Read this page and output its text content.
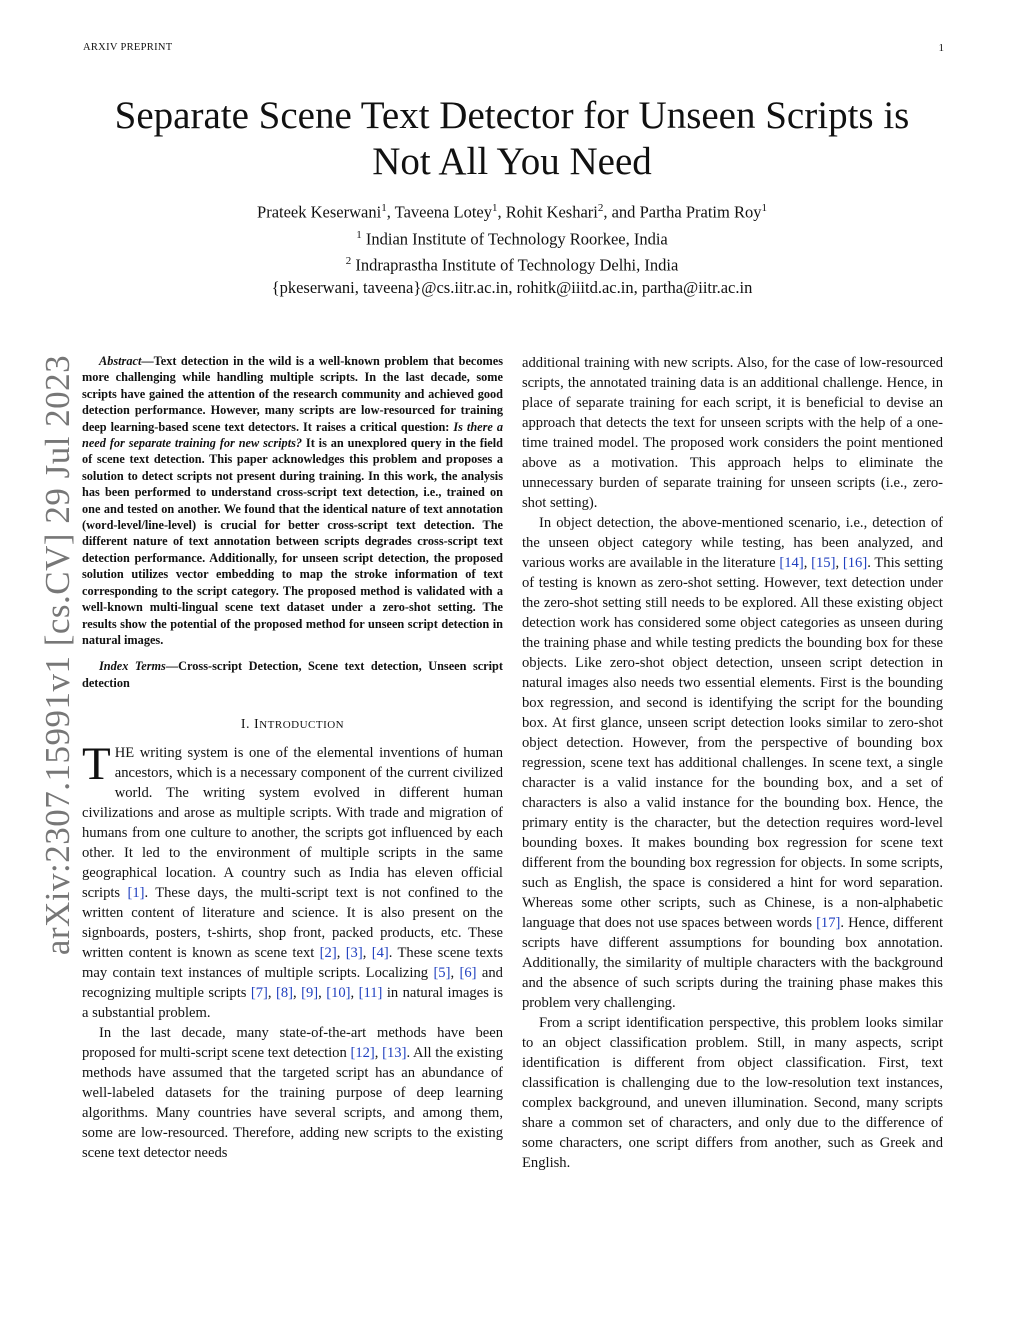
ARXIV PREPRINT	1
arXiv:2307.15991v1 [cs.CV] 29 Jul 2023
Separate Scene Text Detector for Unseen Scripts is
Not All You Need
Prateek Keserwani$^1$, Taveena Lotey$^1$, Rohit Keshari$^2$, and Partha Pratim Roy$^1$
$^1$ Indian Institute of Technology Roorkee, India
$^2$ Indraprastha Institute of Technology Delhi, India
{pkeserwani, taveena}@cs.iitr.ac.in, rohitk@iiitd.ac.in, partha@iitr.ac.in

Abstract—Text detection in the wild is a well-known problem that becomes more challenging while handling multiple scripts. In the last decade, some scripts have gained the attention of the research community and achieved good detection performance. However, many scripts are low-resourced for training deep learning-based scene text detectors. It raises a critical question: Is there a need for separate training for new scripts? It is an unexplored query in the field of scene text detection. This paper acknowledges this problem and proposes a solution to detect scripts not present during training. In this work, the analysis has been performed to understand cross-script text detection, i.e., trained on one and tested on another. We found that the identical nature of text annotation (word-level/line-level) is crucial for better cross-script text detection. The different nature of text annotation between scripts degrades cross-script text detection performance. Additionally, for unseen script detection, the proposed solution utilizes vector embedding to map the stroke information of text corresponding to the script category. The proposed method is validated with a well-known multi-lingual scene text dataset under a zero-shot setting. The results show the potential of the proposed method for unseen script detection in natural images.

Index Terms—Cross-script Detection, Scene text detection, Unseen script detection
I. INTRODUCTION

THE writing system is one of the elemental inventions of human ancestors, which is a necessary component of the current civilized world. The writing system evolved in different human civilizations and arose as multiple scripts. With trade and migration of humans from one culture to another, the scripts got influenced by each other. It led to the environment of multiple scripts in the same geographical location. A country such as India has eleven official scripts [1]. These days, the multi-script text is not confined to the written content of literature and science. It is also present on the signboards, posters, t-shirts, shop front, packed products, etc. These written content is known as scene text [2], [3], [4]. These scene texts may contain text instances of multiple scripts. Localizing [5], [6] and recognizing multiple scripts [7], [8], [9], [10], [11] in natural images is a substantial problem.

In the last decade, many state-of-the-art methods have been proposed for multi-script scene text detection [12], [13]. All the existing methods have assumed that the targeted script has an abundance of well-labeled datasets for the training purpose of deep learning algorithms. Many countries have several scripts, and among them, some are low-resourced. Therefore, adding new scripts to the existing scene text detector needs

additional training with new scripts. Also, for the case of low-resourced scripts, the annotated training data is an additional challenge. Hence, in place of separate training for each script, it is beneficial to devise an approach that detects the text for unseen scripts with the help of a one-time trained model. The proposed work considers the point mentioned above as a motivation. This approach helps to eliminate the unnecessary burden of separate training for unseen scripts (i.e., zero-shot setting).

In object detection, the above-mentioned scenario, i.e., detection of the unseen object category while testing, has been analyzed, and various works are available in the literature [14], [15], [16]. This setting of testing is known as zero-shot setting. However, text detection under the zero-shot setting still needs to be explored. All these existing object detection work has considered some object categories as unseen during the training phase and while testing predicts the bounding box for these objects. Like zero-shot object detection, unseen script detection in natural images also needs two essential elements. First is the bounding box regression, and second is identifying the script for the bounding box. At first glance, unseen script detection looks similar to zero-shot object detection. However, from the perspective of bounding box regression, scene text has additional challenges. In scene text, a single character is a valid instance for the bounding box, and a set of characters is also a valid instance for the bounding box. Hence, the primary entity is the character, but the detection requires word-level bounding boxes. It makes bounding box regression for scene text different from the bounding box regression for objects. In some scripts, such as English, the space is considered a hint for word separation. Whereas some other scripts, such as Chinese, is a non-alphabetic language that does not use spaces between words [17]. Hence, different scripts have different assumptions for bounding box annotation. Additionally, the similarity of multiple characters with the background and the absence of such scripts during the training phase makes this problem very challenging.

From a script identification perspective, this problem looks similar to an object classification problem. Still, in many aspects, script identification is different from object classification. First, text classification is challenging due to the low-resolution text instances, complex background, and uneven illumination. Second, many scripts share a common set of characters, and only due to the difference of some characters, one script differs from another, such as Greek and English.
